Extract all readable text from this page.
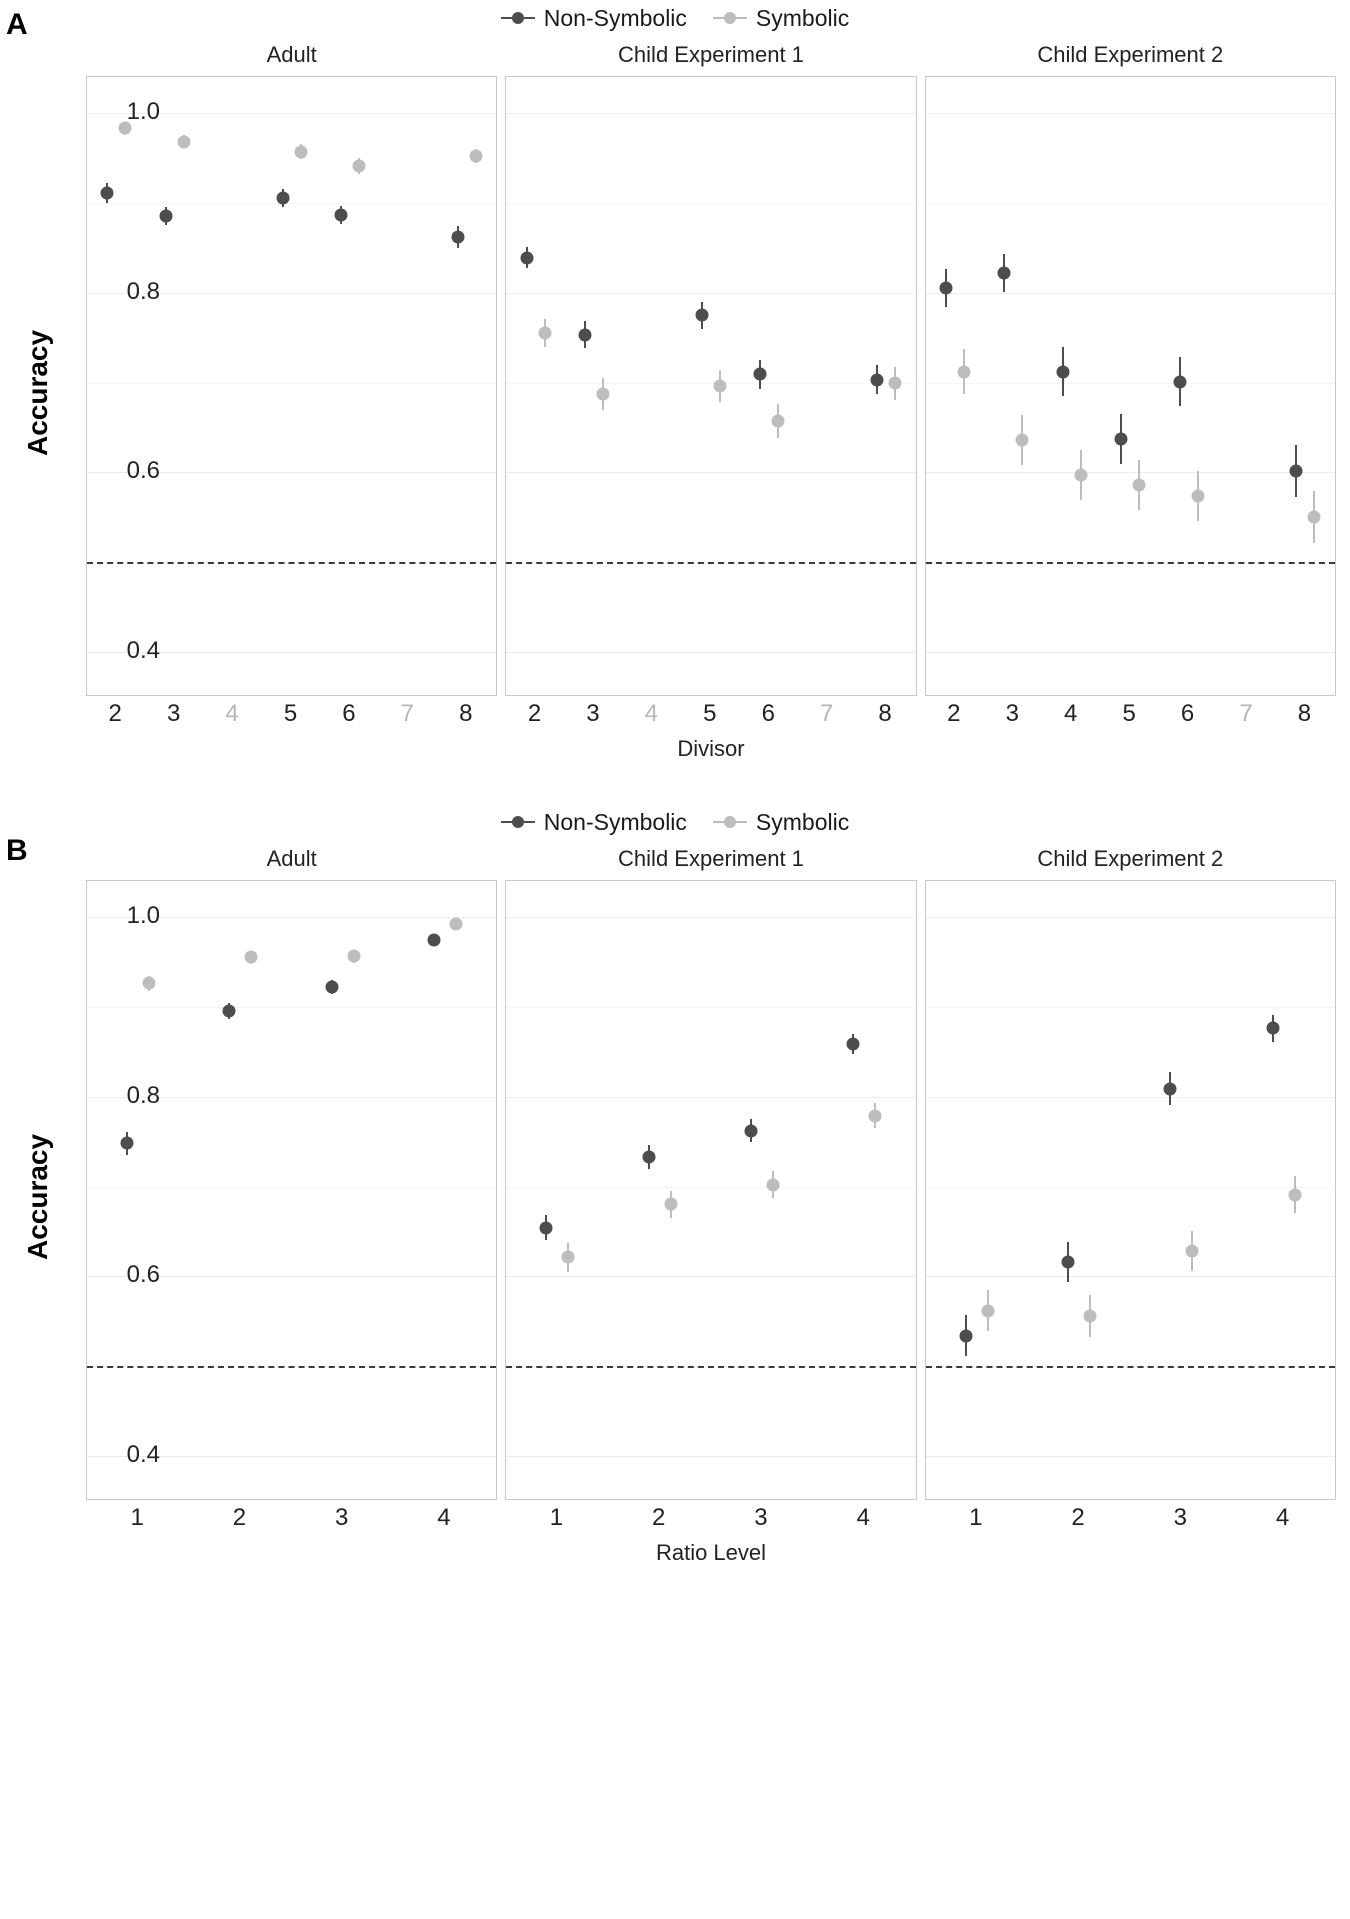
A	Non-Symbolic	Symbolic
Adult	Child Experiment 1	Child Experiment 2
0.4
0.6
0.8
1.0
2 3 4 5 6 7 8 2 3 4 5 6 7 8 2 3 4 5 6 7 8
Divisor
Accuracy
B
Non-Symbolic	Symbolic
Adult	Child Experiment 1	Child Experiment 2
0.4
0.6
0.8
1.0
1	2	3	4	1	2	3	4	1	2	3	4
Ratio Level
Accuracy
